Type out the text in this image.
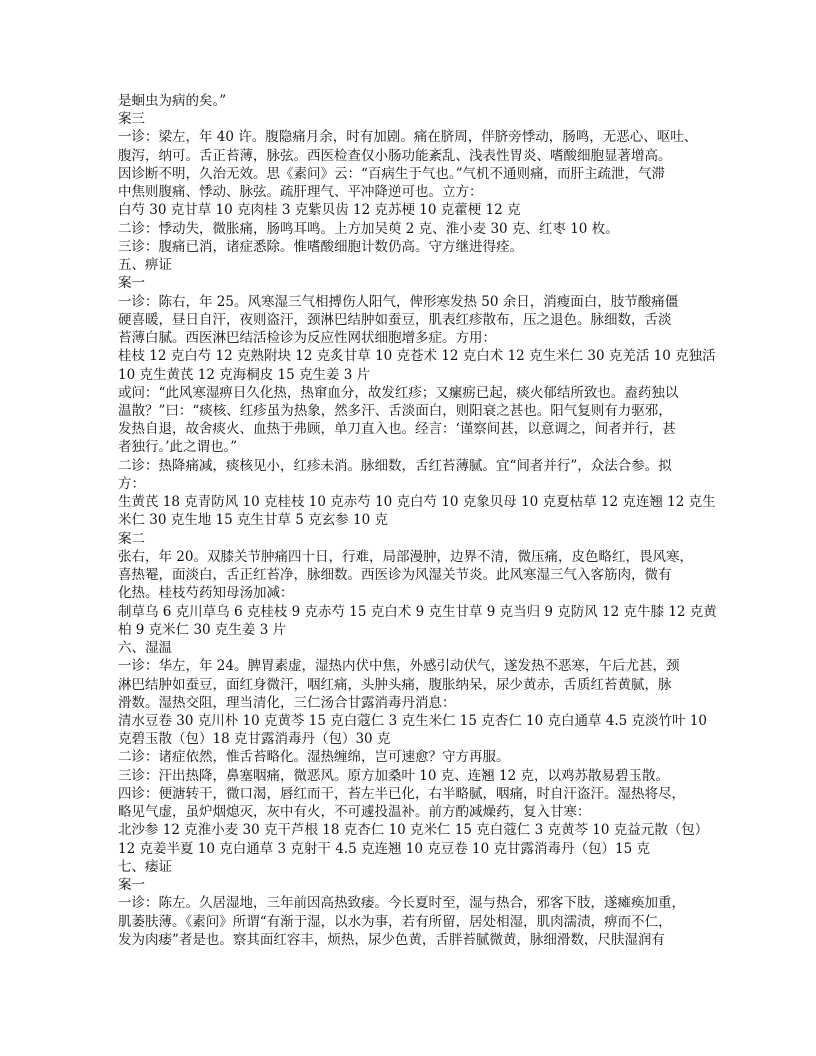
是蛔虫为病的矣。”
案三
一诊：梁左，年 40 许。腹隐痛月余，时有加剧。痛在脐周，伴脐旁悸动，肠鸣，无恶心、呕吐、
腹泻，纳可。舌正苔薄，脉弦。西医检查仅小肠功能紊乱、浅表性胃炎、嗜酸细胞显著增高。
因诊断不明，久治无效。思《素问》云：“百病生于气也。”气机不通则痛，而肝主疏泄，气滞
中焦则腹痛、悸动、脉弦。疏肝理气、平冲降逆可也。立方：
白芍 30 克甘草 10 克肉桂 3 克紫贝齿 12 克苏梗 10 克藿梗 12 克
二诊：悸动失，微胀痛，肠鸣耳鸣。上方加吴萸 2 克、淮小麦 30 克、红枣 10 枚。
三诊：腹痛已消，诸症悉除。惟嗜酸细胞计数仍高。守方继进得痊。
五、痹证
案一
一诊：陈右，年 25。风寒湿三气相搏伤人阳气，俾形寒发热 50 余日，消瘦面白，肢节酸痛僵
硬喜暖，昼日自汗，夜则盗汗，颈淋巴结肿如蚕豆，肌表红疹散布，压之退色。脉细数，舌淡
苔薄白腻。西医淋巴结活检诊为反应性网状细胞增多症。方用：
桂枝 12 克白芍 12 克熟附块 12 克炙甘草 10 克苍术 12 克白术 12 克生米仁 30 克羌活 10 克独活
10 克生黄芪 12 克海桐皮 15 克生姜 3 片
或问：“此风寒湿痹日久化热，热窜血分，故发红疹；又瘰疬已起，痰火郁结所致也。盍药独以
温散？”曰：“痰核、红疹虽为热象，然多汗、舌淡面白，则阳衰之甚也。阳气复则有力驱邪，
发热自退，故舍痰火、血热于弗顾，单刀直入也。经言：‘谨察间甚，以意调之，间者并行，甚
者独行。’此之谓也。”
二诊：热降痛减，痰核见小，红疹未消。脉细数，舌红苔薄腻。宜“间者并行”，众法合参。拟
方：
生黄芪 18 克青防风 10 克桂枝 10 克赤芍 10 克白芍 10 克象贝母 10 克夏枯草 12 克连翘 12 克生
米仁 30 克生地 15 克生甘草 5 克玄参 10 克
案二
张右，年 20。双膝关节肿痛四十日，行难，局部漫肿，边界不清，微压痛，皮色略红，畏风寒，
喜热罨，面淡白，舌正红苔净，脉细数。西医诊为风湿关节炎。此风寒湿三气入客筋肉，微有
化热。桂枝芍药知母汤加减：
制草乌 6 克川草乌 6 克桂枝 9 克赤芍 15 克白术 9 克生甘草 9 克当归 9 克防风 12 克牛膝 12 克黄
柏 9 克米仁 30 克生姜 3 片
六、湿温
一诊：华左，年 24。脾胃素虚，湿热内伏中焦，外感引动伏气，遂发热不恶寒，午后尤甚，颈
淋巴结肿如蚕豆，面红身微汗，咽红痛，头肿头痛，腹胀纳呆，尿少黄赤，舌质红苔黄腻，脉
滑数。湿热交阻，理当清化，三仁汤合甘露消毒丹消息：
清水豆卷 30 克川朴 10 克黄芩 15 克白蔻仁 3 克生米仁 15 克杏仁 10 克白通草 4.5 克淡竹叶 10
克碧玉散（包）18 克甘露消毒丹（包）30 克
二诊：诸症依然，惟舌苔略化。湿热缠绵，岂可速愈？守方再服。
三诊：汗出热降，鼻塞咽痛，微恶风。原方加桑叶 10 克、连翘 12 克，以鸡苏散易碧玉散。
四诊：便溏转干，微口渴，唇红而干，苔左半已化，右半略腻，咽痛，时自汗盗汗。湿热将尽，
略见气虚，虽炉烟熄灭，灰中有火，不可遽投温补。前方酌减燥药，复入甘寒：
北沙参 12 克淮小麦 30 克干芦根 18 克杏仁 10 克米仁 15 克白蔻仁 3 克黄芩 10 克益元散（包）
12 克姜半夏 10 克白通草 3 克射干 4.5 克连翘 10 克豆卷 10 克甘露消毒丹（包）15 克
七、痿证
案一
一诊：陈左。久居湿地，三年前因高热致痿。今长夏时至，湿与热合，邪客下肢，遂瘫痪加重，
肌萎肤薄。《素问》所谓“有渐于湿，以水为事，若有所留，居处相湿，肌肉濡渍，痹而不仁，
发为肉痿”者是也。察其面红容丰，烦热，尿少色黄，舌胖苔腻微黄，脉细滑数，尺肤湿润有
